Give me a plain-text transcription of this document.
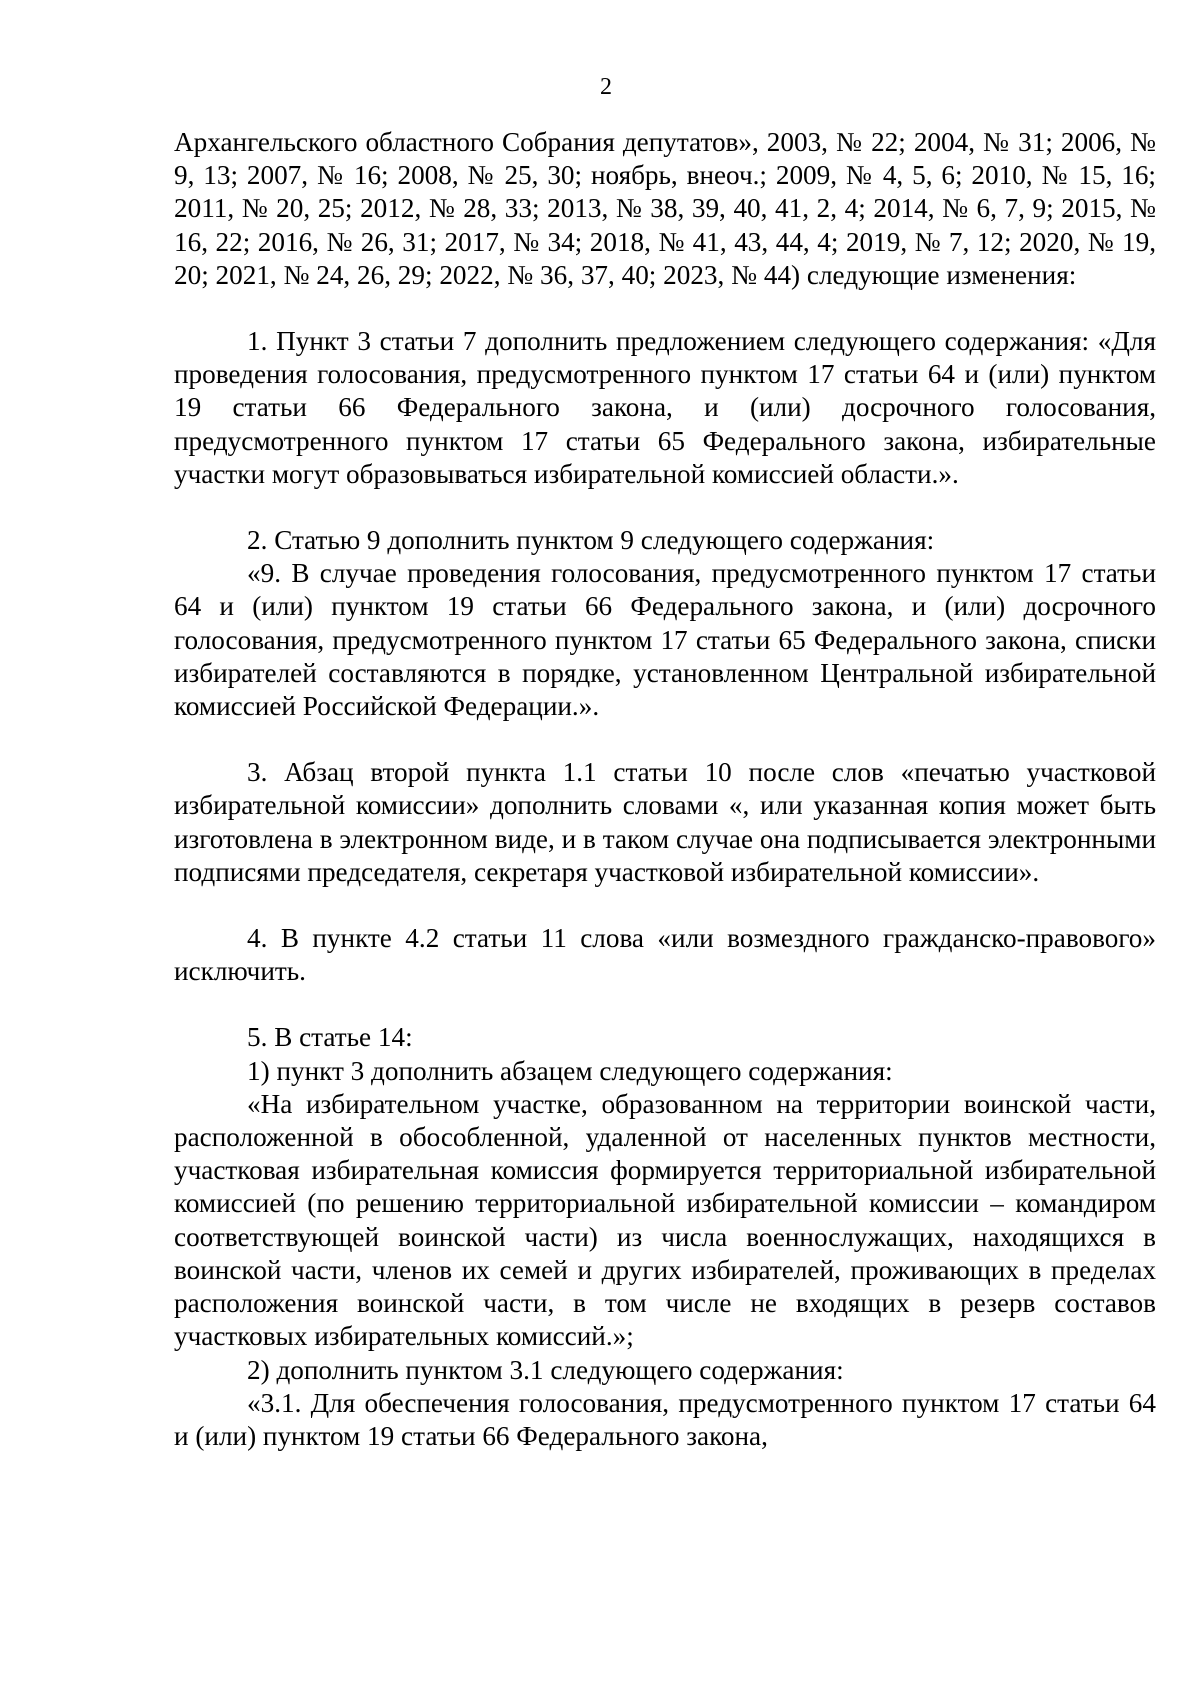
2

Архангельского областного Собрания депутатов», 2003, № 22; 2004, № 31; 2006, № 9, 13; 2007, № 16; 2008, № 25, 30; ноябрь, внеоч.; 2009, № 4, 5, 6; 2010, № 15, 16; 2011, № 20, 25; 2012, № 28, 33; 2013, № 38, 39, 40, 41, 2, 4; 2014, № 6, 7, 9; 2015, № 16, 22; 2016, № 26, 31; 2017, № 34; 2018, № 41, 43, 44, 4; 2019, № 7, 12; 2020, № 19, 20; 2021, № 24, 26, 29; 2022, № 36, 37, 40; 2023, № 44) следующие изменения:

1. Пункт 3 статьи 7 дополнить предложением следующего содержания: «Для проведения голосования, предусмотренного пунктом 17 статьи 64 и (или) пунктом 19 статьи 66 Федерального закона, и (или) досрочного голосования, предусмотренного пунктом 17 статьи 65 Федерального закона, избирательные участки могут образовываться избирательной комиссией области.».

2. Статью 9 дополнить пунктом 9 следующего содержания:

«9. В случае проведения голосования, предусмотренного пунктом 17 статьи 64 и (или) пунктом 19 статьи 66 Федерального закона, и (или) досрочного голосования, предусмотренного пунктом 17 статьи 65 Федерального закона, списки избирателей составляются в порядке, установленном Центральной избирательной комиссией Российской Федерации.».

3. Абзац второй пункта 1.1 статьи 10 после слов «печатью участковой избирательной комиссии» дополнить словами «, или указанная копия может быть изготовлена в электронном виде, и в таком случае она подписывается электронными подписями председателя, секретаря участковой избирательной комиссии».

4. В пункте 4.2 статьи 11 слова «или возмездного гражданско-правового» исключить.

5. В статье 14:

1) пункт 3 дополнить абзацем следующего содержания:

«На избирательном участке, образованном на территории воинской части, расположенной в обособленной, удаленной от населенных пунктов местности, участковая избирательная комиссия формируется территориальной избирательной комиссией (по решению территориальной избирательной комиссии – командиром соответствующей воинской части) из числа военнослужащих, находящихся в воинской части, членов их семей и других избирателей, проживающих в пределах расположения воинской части, в том числе не входящих в резерв составов участковых избирательных комиссий.»;

2) дополнить пунктом 3.1 следующего содержания:

«3.1. Для обеспечения голосования, предусмотренного пунктом 17 статьи 64 и (или) пунктом 19 статьи 66 Федерального закона,
